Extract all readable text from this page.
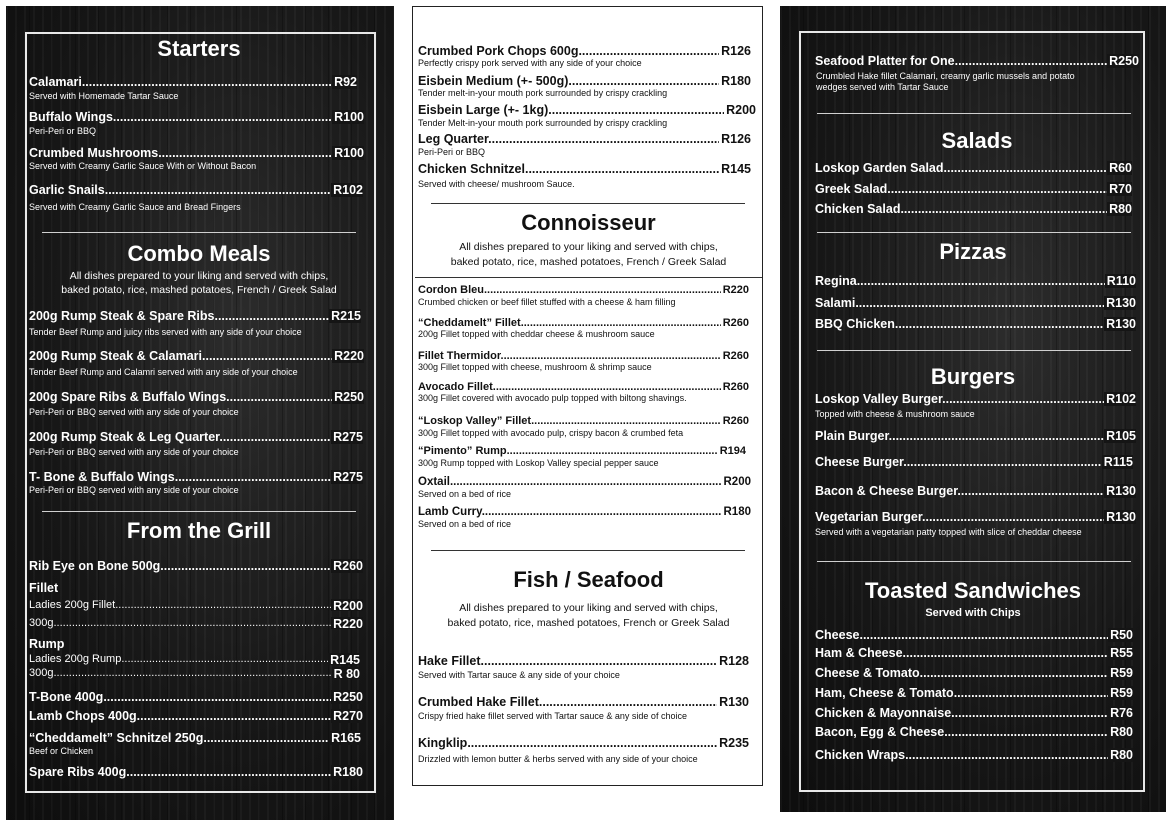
Starters
Calamari .....	R92
Served with Homemade Tartar Sauce
Buffalo Wings .....	R100
Peri-Peri or BBQ
Crumbed Mushrooms .....	R100
Served with Creamy Garlic Sauce With or Without Bacon
Garlic Snails .....	R102
Served with Creamy Garlic Sauce and Bread Fingers
Combo Meals
All dishes prepared to your liking and served with chips,
baked potato, rice, mashed potatoes, French / Greek Salad
200g Rump Steak & Spare Ribs .....	R215
Tender Beef Rump and juicy ribs served with any side of your choice
200g Rump Steak & Calamari .....	R220
Tender Beef Rump and Calamri served with any side of your choice
200g Spare Ribs & Buffalo Wings .....	R250
Peri-Peri or BBQ served with any side of your choice
200g Rump Steak & Leg Quarter .....	R275
Peri-Peri or BBQ served with any side of your choice
T- Bone & Buffalo Wings .....	R275
Peri-Peri or BBQ served with any side of your choice
From the Grill
Rib Eye on Bone 500g .....	R260
Fillet
Ladies 200g Fillet .....	R200
300g .....	R220
Rump
Ladies 200g Rump .....	R145
300g .....	R 80
T-Bone 400g .....	R250
Lamb Chops 400g .....	R270
“Cheddamelt” Schnitzel 250g .....	R165
Beef or Chicken
Spare Ribs 400g .....	R180
Crumbed Pork Chops 600g .....	R126
Perfectly crispy pork served with any side of your choice
Eisbein Medium (+- 500g) .....	R180
Tender melt-in-your mouth pork surrounded by crispy crackling
Eisbein Large (+- 1kg) .....	R200
Tender Melt-in-your mouth pork surrounded by crispy crackling
Leg Quarter .....	R126
Peri-Peri or BBQ
Chicken Schnitzel .....	R145
Served with cheese/ mushroom Sauce.
Connoisseur
All dishes prepared to your liking and served with chips,
baked potato, rice, mashed potatoes, French / Greek Salad
Cordon Bleu .....	R220
Crumbed chicken or beef fillet stuffed with a cheese & ham filling
“Cheddamelt” Fillet .....	R260
200g Fillet topped with cheddar cheese & mushroom sauce
Fillet Thermidor .....	R260
300g Fillet topped with cheese, mushroom & shrimp sauce
Avocado Fillet .....	R260
300g Fillet covered with avocado pulp topped with biltong shavings.
“Loskop Valley” Fillet .....	R260
300g Fillet topped with avocado pulp, crispy bacon & crumbed feta
“Pimento” Rump .....	R194
300g Rump topped with Loskop Valley special pepper sauce
Oxtail .....	R200
Served on a bed of rice
Lamb Curry .....	R180
Served on a bed of rice
Fish / Seafood
All dishes prepared to your liking and served with chips,
baked potato, rice, mashed potatoes, French or Greek Salad
Hake Fillet .....	R128
Served with Tartar sauce & any side of your choice
Crumbed Hake Fillet .....	R130
Crispy fried hake fillet served with Tartar sauce & any side of choice
Kingklip .....	R235
Drizzled with lemon butter & herbs served with any side of your choice
Seafood Platter for One .....	R250
Crumbled Hake fillet Calamari, creamy garlic mussels and potato
wedges served with Tartar Sauce
Salads
Loskop Garden Salad .....	R60
Greek Salad .....	R70
Chicken Salad .....	R80
Pizzas
Regina .....	R110
Salami .....	R130
BBQ Chicken .....	R130
Burgers
Loskop Valley Burger .....	R102
Topped with cheese & mushroom sauce
Plain Burger .....	R105
Cheese Burger .....	R115
Bacon & Cheese Burger .....	R130
Vegetarian Burger .....	R130
Served with a vegetarian patty topped with slice of cheddar cheese
Toasted Sandwiches
Served with Chips
Cheese .....	R50
Ham & Cheese .....	R55
Cheese & Tomato .....	R59
Ham, Cheese & Tomato .....	R59
Chicken & Mayonnaise .....	R76
Bacon, Egg & Cheese .....	R80
Chicken Wraps .....	R80
